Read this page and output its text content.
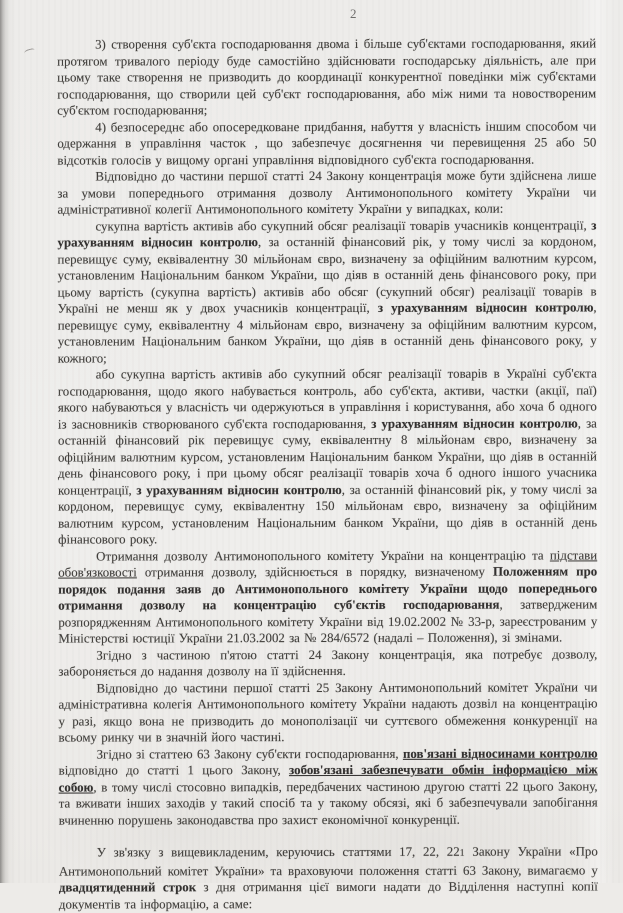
2

3) створення суб'єкта господарювання двома і більше суб'єктами господарювання, який протягом тривалого періоду буде самостійно здійснювати господарську діяльність, але при цьому таке створення не призводить до координації конкурентної поведінки між суб'єктами господарювання, що створили цей суб'єкт господарювання, або між ними та новоствореним суб'єктом господарювання;

4) безпосереднє або опосередковане придбання, набуття у власність іншим способом чи одержання в управління часток , що забезпечує досягнення чи перевищення 25 або 50 відсотків голосів у вищому органі управління відповідного суб'єкта господарювання.

Відповідно до частини першої статті 24 Закону концентрація може бути здійснена лише за умови попереднього отримання дозволу Антимонопольного комітету України чи адміністративної колегії Антимонопольного комітету України у випадках, коли:

сукупна вартість активів або сукупний обсяг реалізації товарів учасників концентрації, з урахуванням відносин контролю, за останній фінансовий рік, у тому числі за кордоном, перевищує суму, еквівалентну 30 мільйонам євро, визначену за офіційним валютним курсом, установленим Національним банком України, що діяв в останній день фінансового року, при цьому вартість (сукупна вартість) активів або обсяг (сукупний обсяг) реалізації товарів в Україні не менш як у двох учасників концентрації, з урахуванням відносин контролю, перевищує суму, еквівалентну 4 мільйонам євро, визначену за офіційним валютним курсом, установленим Національним банком України, що діяв в останній день фінансового року, у кожного;

або сукупна вартість активів або сукупний обсяг реалізації товарів в Україні суб'єкта господарювання, щодо якого набувається контроль, або суб'єкта, активи, частки (акції, паї) якого набуваються у власність чи одержуються в управління і користування, або хоча б одного із засновників створюваного суб'єкта господарювання, з урахуванням відносин контролю, за останній фінансовий рік перевищує суму, еквівалентну 8 мільйонам євро, визначену за офіційним валютним курсом, установленим Національним банком України, що діяв в останній день фінансового року, і при цьому обсяг реалізації товарів хоча б одного іншого учасника концентрації, з урахуванням відносин контролю, за останній фінансовий рік, у тому числі за кордоном, перевищує суму, еквівалентну 150 мільйонам євро, визначену за офіційним валютним курсом, установленим Національним банком України, що діяв в останній день фінансового року.

Отримання дозволу Антимонопольного комітету України на концентрацію та підстави обов'язковості отримання дозволу, здійснюється в порядку, визначеному Положенням про порядок подання заяв до Антимонопольного комітету України щодо попереднього отримання дозволу на концентрацію суб'єктів господарювання, затвердженим розпорядженням Антимонопольного комітету України від 19.02.2002 № 33-р, зареєстрованим у Міністерстві юстиції України 21.03.2002 за № 284/6572 (надалі – Положення), зі змінами.

Згідно з частиною п'ятою статті 24 Закону концентрація, яка потребує дозволу, забороняється до надання дозволу на її здійснення.

Відповідно до частини першої статті 25 Закону Антимонопольний комітет України чи адміністративна колегія Антимонопольного комітету України надають дозвіл на концентрацію у разі, якщо вона не призводить до монополізації чи суттєвого обмеження конкуренції на всьому ринку чи в значній його частині.

Згідно зі статтею 63 Закону суб'єкти господарювання, пов'язані відносинами контролю відповідно до статті 1 цього Закону, зобов'язані забезпечувати обмін інформацією між собою, в тому числі стосовно випадків, передбачених частиною другою статті 22 цього Закону, та вживати інших заходів у такий спосіб та у такому обсязі, які б забезпечували запобігання вчиненню порушень законодавства про захист економічної конкуренції.

У зв'язку з вищевикладеним, керуючись статтями 17, 22, 221 Закону України «Про Антимонопольний комітет України» та враховуючи положення статті 63 Закону, вимагаємо у двадцятиденний строк з дня отримання цієї вимоги надати до Відділення наступні копії документів та інформацію, а саме:
